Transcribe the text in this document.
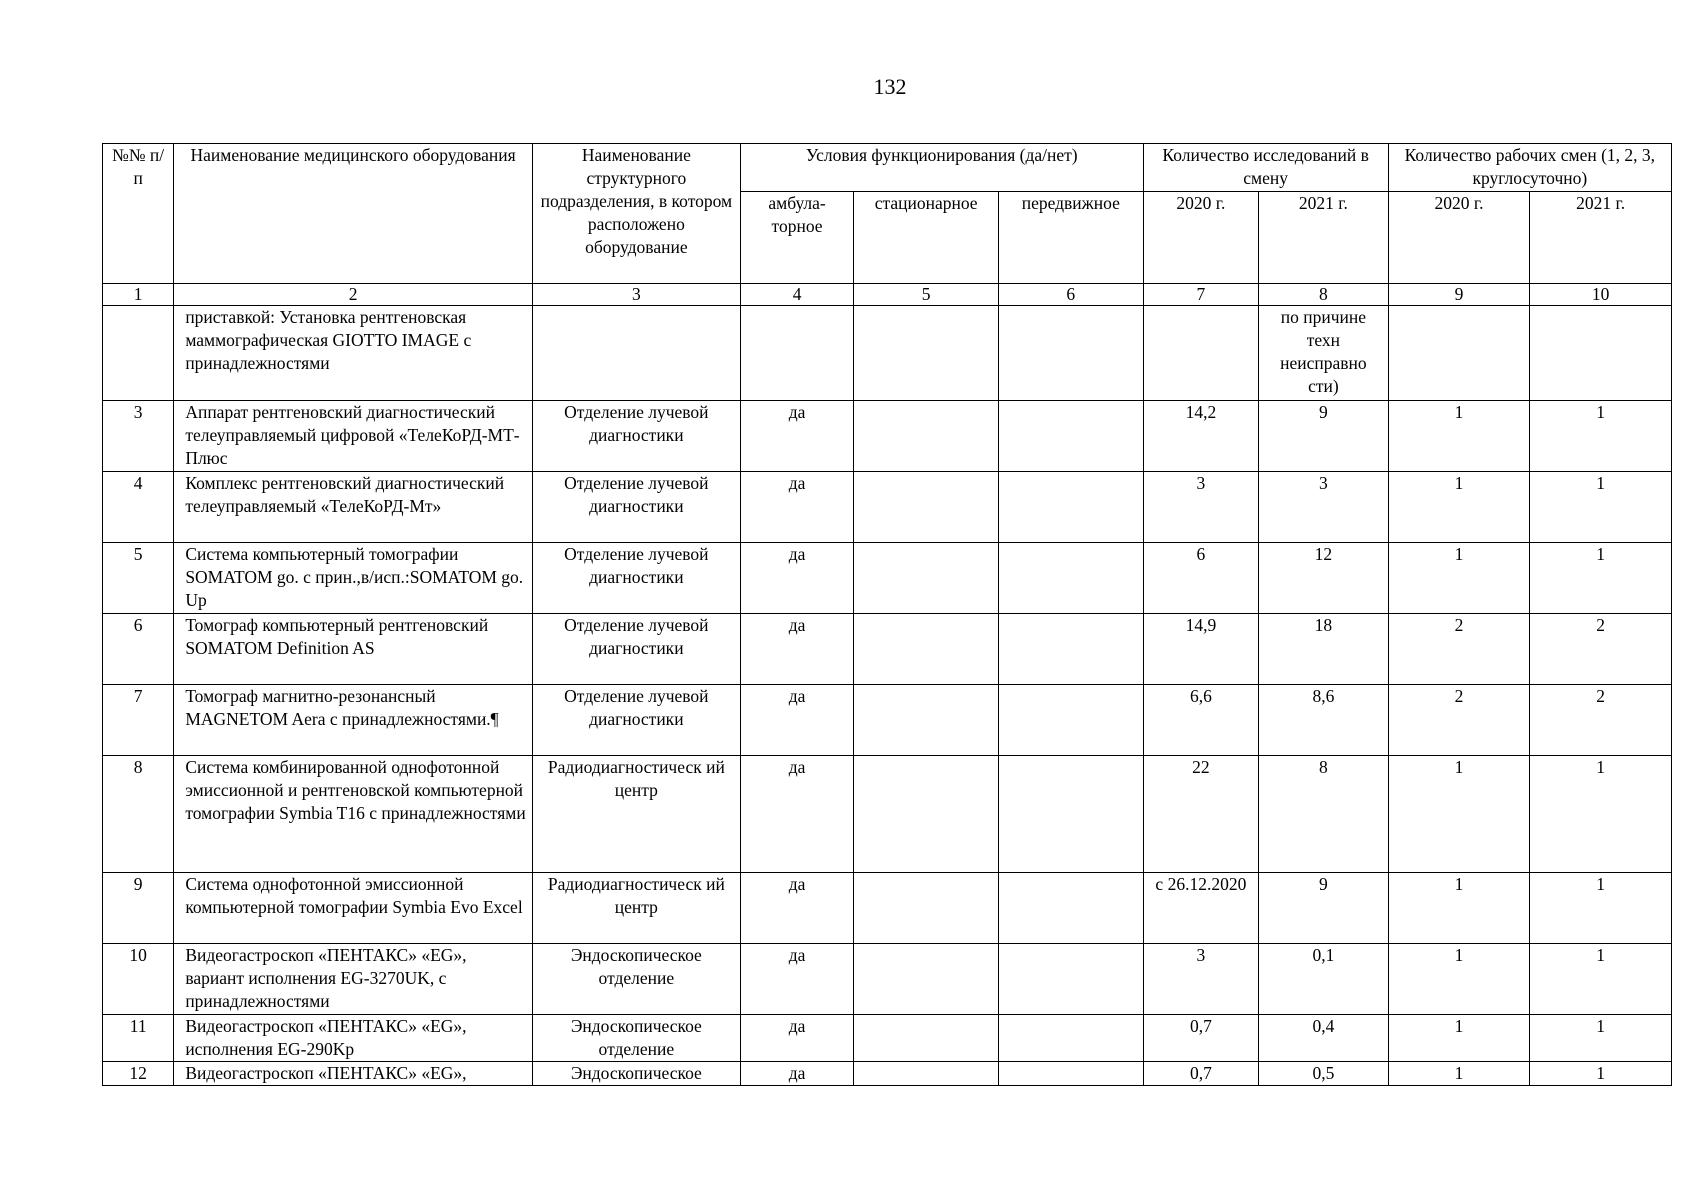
132
№№ п/п	Наименование медицинского оборудования	Наименование структурного подразделения, в котором расположено оборудование	Условия функционирования (да/нет)			Количество исследований в смену		Количество рабочих смен (1, 2, 3, круглосуточно)	
			амбула-торное	стационарное	передвижное	2020 г.	2021 г.	2020 г.	2021 г.
1	2	3	4	5	6	7	8	9	10
	приставкой: Установка рентгеновская маммографическая GIOTTO IMAGE с принадлежностями						по причине техн неисправно сти)		
3	Аппарат рентгеновский диагностический телеуправляемый цифровой «ТелеКоРД-МТ-Плюс	Отделение лучевой диагностики	да			14,2	9	1	1
4	Комплекс рентгеновский диагностический телеуправляемый «ТелеКоРД-Мт»	Отделение лучевой диагностики	да			3	3	1	1
5	Система компьютерный томографии SOMATOM go. с прин.,в/исп.:SOMATOM go. Up	Отделение лучевой диагностики	да			6	12	1	1
6	Томограф компьютерный рентгеновский SOMATOM Definition AS	Отделение лучевой диагностики	да			14,9	18	2	2
7	Томограф магнитно-резонансный MAGNETOM Aera с принадлежностями.¶	Отделение лучевой диагностики	да			6,6	8,6	2	2
8	Система комбинированной однофотонной эмиссионной и рентгеновской компьютерной томографии Symbia T16 с принадлежностями	Радиодиагностическ ий центр	да			22	8	1	1
9	Система однофотонной эмиссионной компьютерной томографии Symbia Evo Excel	Радиодиагностическ ий центр	да			с 26.12.2020	9	1	1
10	Видеогастроскоп «ПЕНТАКС» «EG», вариант исполнения EG-3270UK, с принадлежностями	Эндоскопическое отделение	да			3	0,1	1	1
11	Видеогастроскоп «ПЕНТАКС» «EG», исполнения EG-290Kp	Эндоскопическое отделение	да			0,7	0,4	1	1
12	Видеогастроскоп «ПЕНТАКС» «EG»,	Эндоскопическое	да			0,7	0,5	1	1
